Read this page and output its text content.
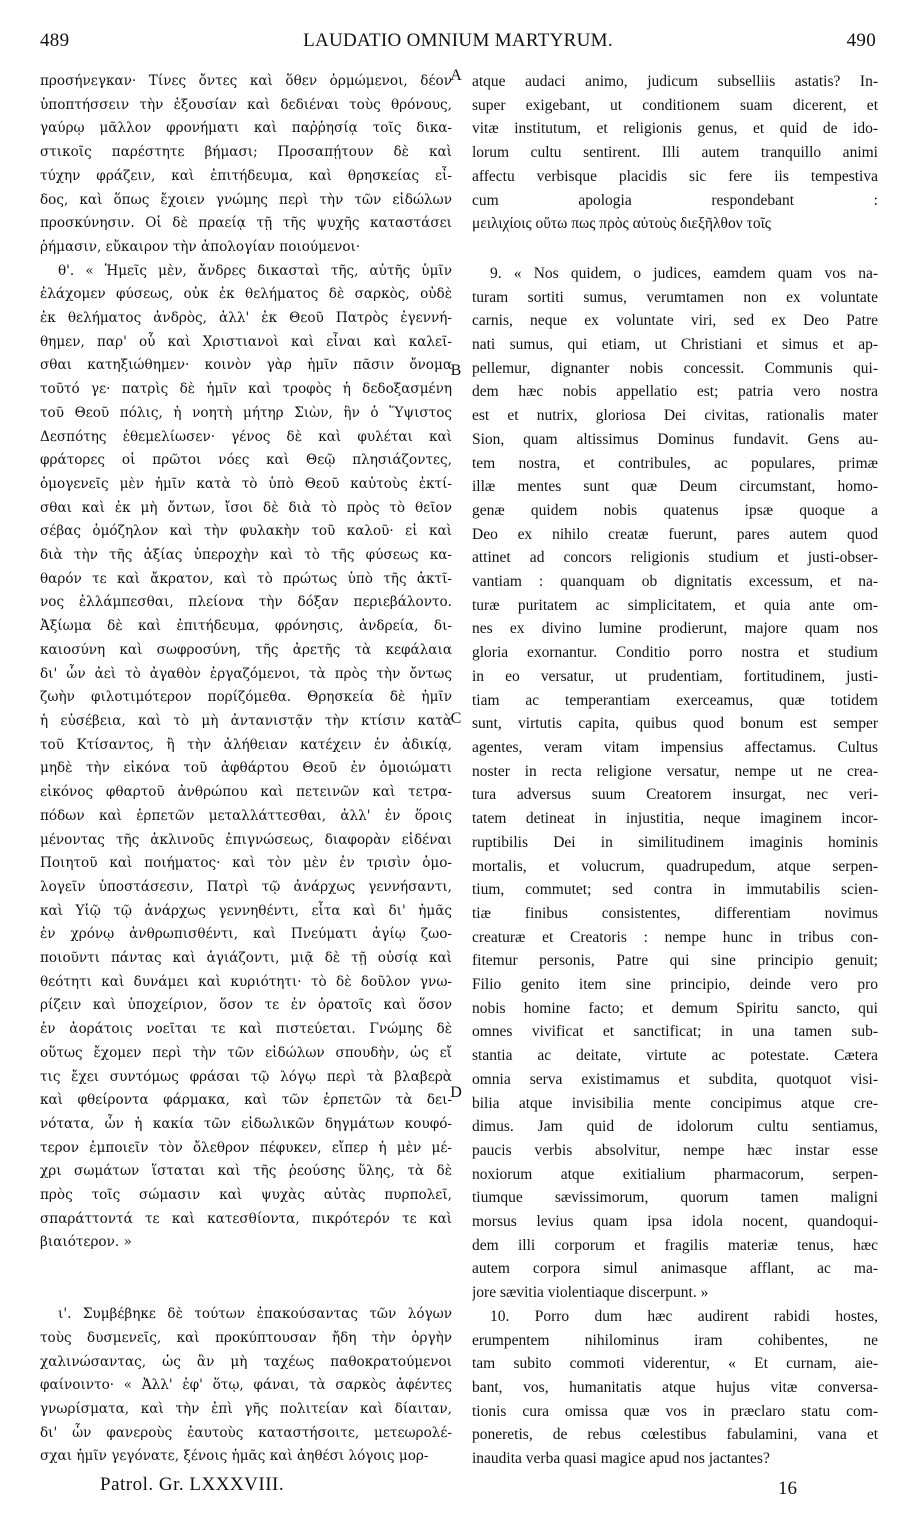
489	LAUDATIO OMNIUM MARTYRUM.	490
προσήνεγκαν· Τίνες ὄντες καὶ ὅθεν ὁρμώμενοι, δέον
ὑποπτήσσειν τὴν ἐξουσίαν καὶ δεδιέναι τοὺς θρόνους,
γαύρῳ μᾶλλον φρονήματι καὶ παῤῥησίᾳ τοῖς δικα-
στικοῖς παρέστητε βήμασι; Προσαπῄτουν δὲ καὶ
τύχην φράζειν, καὶ ἐπιτήδευμα, καὶ θρησκείας εἶ-
δος, καὶ ὅπως ἔχοιεν γνώμης περὶ τὴν τῶν εἰδώλων
προσκύνησιν. Οἱ δὲ πραείᾳ τῇ τῆς ψυχῆς καταστάσει
ῥήμασιν, εὔκαιρον τὴν ἀπολογίαν ποιούμενοι·
θ'. « Ἡμεῖς μὲν, ἄνδρες δικασταὶ τῆς, αὐτῆς ὑμῖν
ἐλάχομεν φύσεως, οὐκ ἐκ θελήματος δὲ σαρκὸς, οὐδὲ
ἐκ θελήματος ἀνδρὸς, ἀλλ' ἐκ Θεοῦ Πατρὸς ἐγεννή-
θημεν, παρ' οὗ καὶ Χριστιανοὶ καὶ εἶναι καὶ καλεῖ-
σθαι κατηξιώθημεν· κοινὸν γὰρ ἡμῖν πᾶσιν ὄνομα
τοῦτό γε· πατρὶς δὲ ἡμῖν καὶ τροφὸς ἡ δεδοξασμένη
τοῦ Θεοῦ πόλις, ἡ νοητὴ μήτηρ Σιὼν, ἣν ὁ Ὕψιστος
Δεσπότης ἐθεμελίωσεν· γένος δὲ καὶ φυλέται καὶ
φράτορες οἱ πρῶτοι νόες καὶ Θεῷ πλησιάζοντες,
ὁμογενεῖς μὲν ἡμῖν κατὰ τὸ ὑπὸ Θεοῦ καὐτοὺς ἐκτί-
σθαι καὶ ἐκ μὴ ὄντων, ἴσοι δὲ διὰ τὸ πρὸς τὸ θεῖον
σέβας ὁμόζηλον καὶ τὴν φυλακὴν τοῦ καλοῦ· εἰ καὶ
διὰ τὴν τῆς ἀξίας ὑπεροχὴν καὶ τὸ τῆς φύσεως κα-
θαρόν τε καὶ ἄκρατον, καὶ τὸ πρώτως ὑπὸ τῆς ἀκτῖ-
νος ἐλλάμπεσθαι, πλείονα τὴν δόξαν περιεβάλοντο.
Ἀξίωμα δὲ καὶ ἐπιτήδευμα, φρόνησις, ἀνδρεία, δι-
καιοσύνη καὶ σωφροσύνη, τῆς ἀρετῆς τὰ κεφάλαια
δι' ὧν ἀεὶ τὸ ἀγαθὸν ἐργαζόμενοι, τὰ πρὸς τὴν ὄντως
ζωὴν φιλοτιμότερον πορίζόμεθα. Θρησκεία δὲ ἡμῖν
ἡ εὐσέβεια, καὶ τὸ μὴ ἀντανιστᾷν τὴν κτίσιν κατὰ
τοῦ Κτίσαντος, ἢ τὴν ἀλήθειαν κατέχειν ἐν ἀδικίᾳ,
μηδὲ τὴν εἰκόνα τοῦ ἀφθάρτου Θεοῦ ἐν ὁμοιώματι
εἰκόνος φθαρτοῦ ἀνθρώπου καὶ πετεινῶν καὶ τετρα-
πόδων καὶ ἑρπετῶν μεταλλάττεσθαι, ἀλλ' ἐν ὅροις
μένοντας τῆς ἀκλινοῦς ἐπιγνώσεως, διαφορὰν εἰδέναι
Ποιητοῦ καὶ ποιήματος· καὶ τὸν μὲν ἐν τρισὶν ὁμο-
λογεῖν ὑποστάσεσιν, Πατρὶ τῷ ἀνάρχως γεννήσαντι,
καὶ Υἱῷ τῷ ἀνάρχως γεννηθέντι, εἶτα καὶ δι' ἡμᾶς
ἐν χρόνῳ ἀνθρωπισθέντι, καὶ Πνεύματι ἁγίῳ ζωο-
ποιοῦντι πάντας καὶ ἁγιάζοντι, μιᾷ δὲ τῇ οὐσίᾳ καὶ
θεότητι καὶ δυνάμει καὶ κυριότητι· τὸ δὲ δοῦλον γνω-
ρίζειν καὶ ὑποχείριον, ὅσον τε ἐν ὁρατοῖς καὶ ὅσον
ἐν ἀοράτοις νοεῖται τε καὶ πιστεύεται. Γνώμης δὲ
οὕτως ἔχομεν περὶ τὴν τῶν εἰδώλων σπουδὴν, ὡς εἴ
τις ἔχει συντόμως φράσαι τῷ λόγῳ περὶ τὰ βλαβερὰ
καὶ φθείροντα φάρμακα, καὶ τῶν ἑρπετῶν τὰ δει-
νότατα, ὧν ἡ κακία τῶν εἰδωλικῶν δηγμάτων κουφό-
τερον ἐμποιεῖν τὸν ὄλεθρον πέφυκεν, εἴπερ ἡ μὲν μέ-
χρι σωμάτων ἵσταται καὶ τῆς ῥεούσης ὕλης, τὰ δὲ
πρὸς τοῖς σώμασιν καὶ ψυχὰς αὐτὰς πυρπολεῖ,
σπαράττοντά τε καὶ κατεσθίοντα, πικρότερόν τε καὶ
βιαιότερον. »
ι'. Συμβέβηκε δὲ τούτων ἐπακούσαντας τῶν λόγων
τοὺς δυσμενεῖς, καὶ προκύπτουσαν ἤδη τὴν ὀργὴν
χαλινώσαντας, ὡς ἂν μὴ ταχέως παθοκρατούμενοι
φαίνοιντο· « Ἀλλ' ἐφ' ὅτῳ, φάναι, τὰ σαρκὸς ἀφέντες
γνωρίσματα, καὶ τὴν ἐπὶ γῆς πολιτείαν καὶ δίαιταν,
δι' ὧν φανεροὺς ἑαυτοὺς καταστήσοιτε, μετεωρολέ-
σχαι ἡμῖν γεγόνατε, ξένοις ἡμᾶς καὶ ἀηθέσι λόγοις μορ-
atque audaci animo, judicum subselliis astatis? In-
super exigebant, ut conditionem suam dicerent, et
vitæ institutum, et religionis genus, et quid de ido-
lorum cultu sentirent. Illi autem tranquillo animi
affectu verbisque placidis sic fere iis tempestiva
cum apologia respondebant :
μειλιχίοις οὕτω πως πρὸς αὐτοὺς διεξῆλθον τοῖς
9. « Nos quidem, o judices, eamdem quam vos na-
turam sortiti sumus, verumtamen non ex voluntate
carnis, neque ex voluntate viri, sed ex Deo Patre
nati sumus, qui etiam, ut Christiani et simus et ap-
pellemur, dignanter nobis concessit. Communis qui-
dem hæc nobis appellatio est; patria vero nostra
est et nutrix, gloriosa Dei civitas, rationalis mater
Sion, quam altissimus Dominus fundavit. Gens au-
tem nostra, et contribules, ac populares, primæ
illæ mentes sunt quæ Deum circumstant, homo-
genæ quidem nobis quatenus ipsæ quoque a
Deo ex nihilo creatæ fuerunt, pares autem quod
attinet ad concors religionis studium et justi-obser-
vantiam : quanquam ob dignitatis excessum, et na-
turæ puritatem ac simplicitatem, et quia ante om-
nes ex divino lumine prodierunt, majore quam nos
gloria exornantur. Conditio porro nostra et studium
in eo versatur, ut prudentiam, fortitudinem, justi-
tiam ac temperantiam exerceamus, quæ totidem
sunt, virtutis capita, quibus quod bonum est semper
agentes, veram vitam impensius affectamus. Cultus
noster in recta religione versatur, nempe ut ne crea-
tura adversus suum Creatorem insurgat, nec veri-
tatem detineat in injustitia, neque imaginem incor-
ruptibilis Dei in similitudinem imaginis hominis
mortalis, et volucrum, quadrupedum, atque serpen-
tium, commutet; sed contra in immutabilis scien-
tiæ finibus consistentes, differentiam novimus
creaturæ et Creatoris : nempe hunc in tribus con-
fitemur personis, Patre qui sine principio genuit;
Filio genito item sine principio, deinde vero pro
nobis homine facto; et demum Spiritu sancto, qui
omnes vivificat et sanctificat; in una tamen sub-
stantia ac deitate, virtute ac potestate. Cætera
omnia serva existimamus et subdita, quotquot visi-
bilia atque invisibilia mente concipimus atque cre-
dimus. Jam quid de idolorum cultu sentiamus,
paucis verbis absolvitur, nempe hæc instar esse
noxiorum atque exitialium pharmacorum, serpen-
tiumque sævissimorum, quorum tamen maligni
morsus levius quam ipsa idola nocent, quandoqui-
dem illi corporum et fragilis materiæ tenus, hæc
autem corpora simul animasque afflant, ac ma-
jore sævitia violentiaque discerpunt. »
10. Porro dum hæc audirent rabidi hostes,
erumpentem nihilominus iram cohibentes, ne
tam subito commoti viderentur, « Et curnam, aie-
bant, vos, humanitatis atque hujus vitæ conversa-
tionis cura omissa quæ vos in præclaro statu com-
poneretis, de rebus cœlestibus fabulamini, vana et
inaudita verba quasi magice apud nos jactantes?
A
B
C
D
Patrol. Gr. LXXXVIII.	16
